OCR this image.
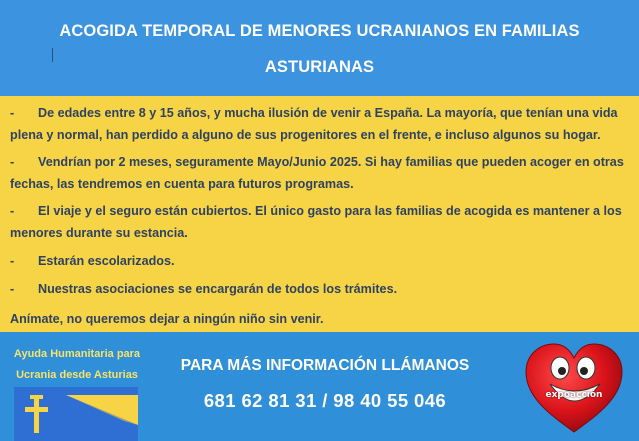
ACOGIDA TEMPORAL DE MENORES UCRANIANOS EN FAMILIAS
ASTURIANAS
-	De edades entre 8 y 15 años, y mucha ilusión de venir a España. La mayoría, que tenían una vida plena y normal, han perdido a alguno de sus progenitores en el frente, e incluso algunos su hogar.
-	Vendrían por 2 meses, seguramente Mayo/Junio 2025. Si hay familias que pueden acoger en otras fechas, las tendremos en cuenta para futuros programas.
-	El viaje y el seguro están cubiertos. El único gasto para las familias de acogida es mantener a los menores durante su estancia.
-	Estarán escolarizados.
-	Nuestras asociaciones se encargarán de todos los trámites.
Anímate, no queremos dejar a ningún niño sin venir.
Ayuda Humanitaria para
Ucrania desde Asturias
PARA MÁS INFORMACIÓN LLÁMANOS
681 62 81 31 / 98 40 55 046	expoacción
